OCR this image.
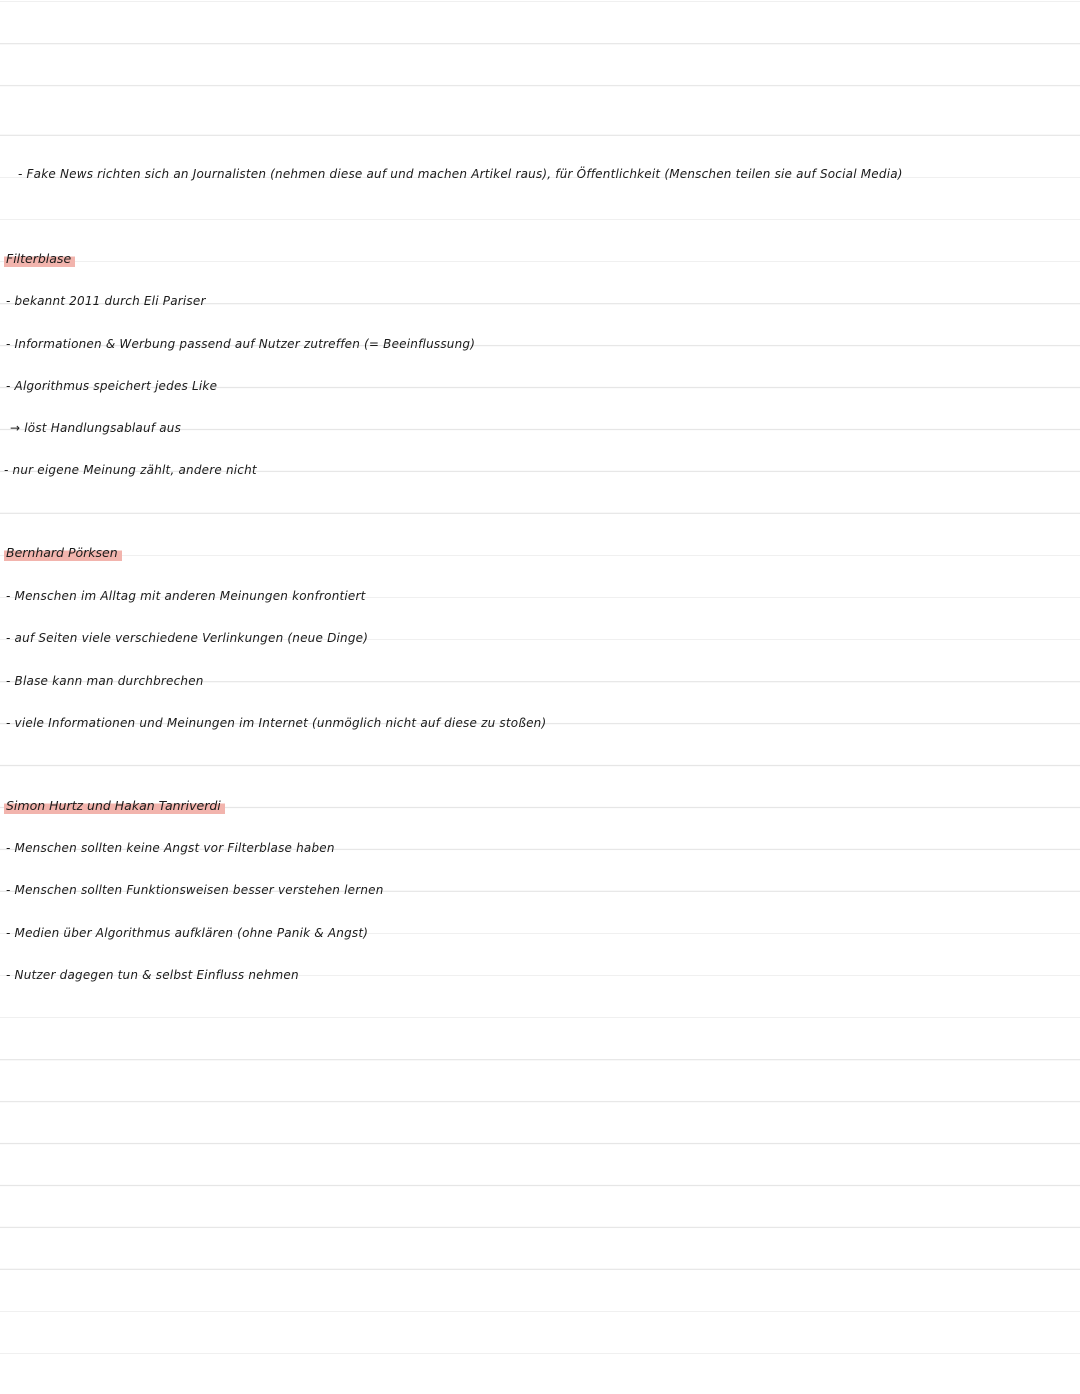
- Fake News richten sich an Journalisten (nehmen diese auf und machen Artikel raus), für Öffentlichkeit (Menschen teilen sie auf Social Media)
Filterblase
- bekannt 2011 durch Eli Pariser
- Informationen & Werbung passend auf Nutzer zutreffen (= Beeinflussung)
- Algorithmus speichert jedes Like
→ löst Handlungsablauf aus
- nur eigene Meinung zählt, andere nicht
Bernhard Pörksen
- Menschen im Alltag mit anderen Meinungen konfrontiert
- auf Seiten viele verschiedene Verlinkungen (neue Dinge)
- Blase kann man durchbrechen
- viele Informationen und Meinungen im Internet (unmöglich nicht auf diese zu stoßen)
Simon Hurtz und Hakan Tanriverdi
- Menschen sollten keine Angst vor Filterblase haben
- Menschen sollten Funktionsweisen besser verstehen lernen
- Medien über Algorithmus aufklären (ohne Panik & Angst)
- Nutzer dagegen tun & selbst Einfluss nehmen
